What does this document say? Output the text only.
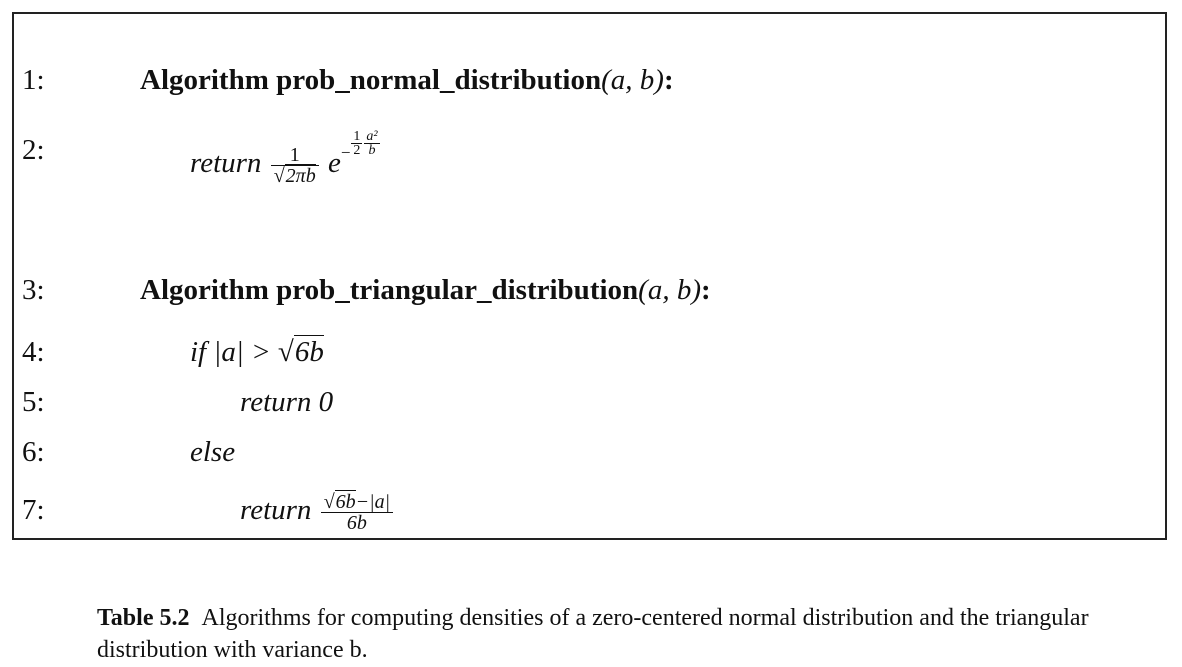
1:	Algorithm prob_normal_distribution(a, b):
2:	return $\frac{1}{√2\pi b} e^- \frac{1}{2} \frac{\text{a²}}{b}$
3:	Algorithm prob_triangular_distribution(a, b):
4:	if |a| > √6b
5:	return 0
6:	else
7:	return $\frac{√6b-|a|}{6b}$
Table 5.2 Algorithms for computing densities of a zero-centered normal distribution and the triangular distribution with variance b.
